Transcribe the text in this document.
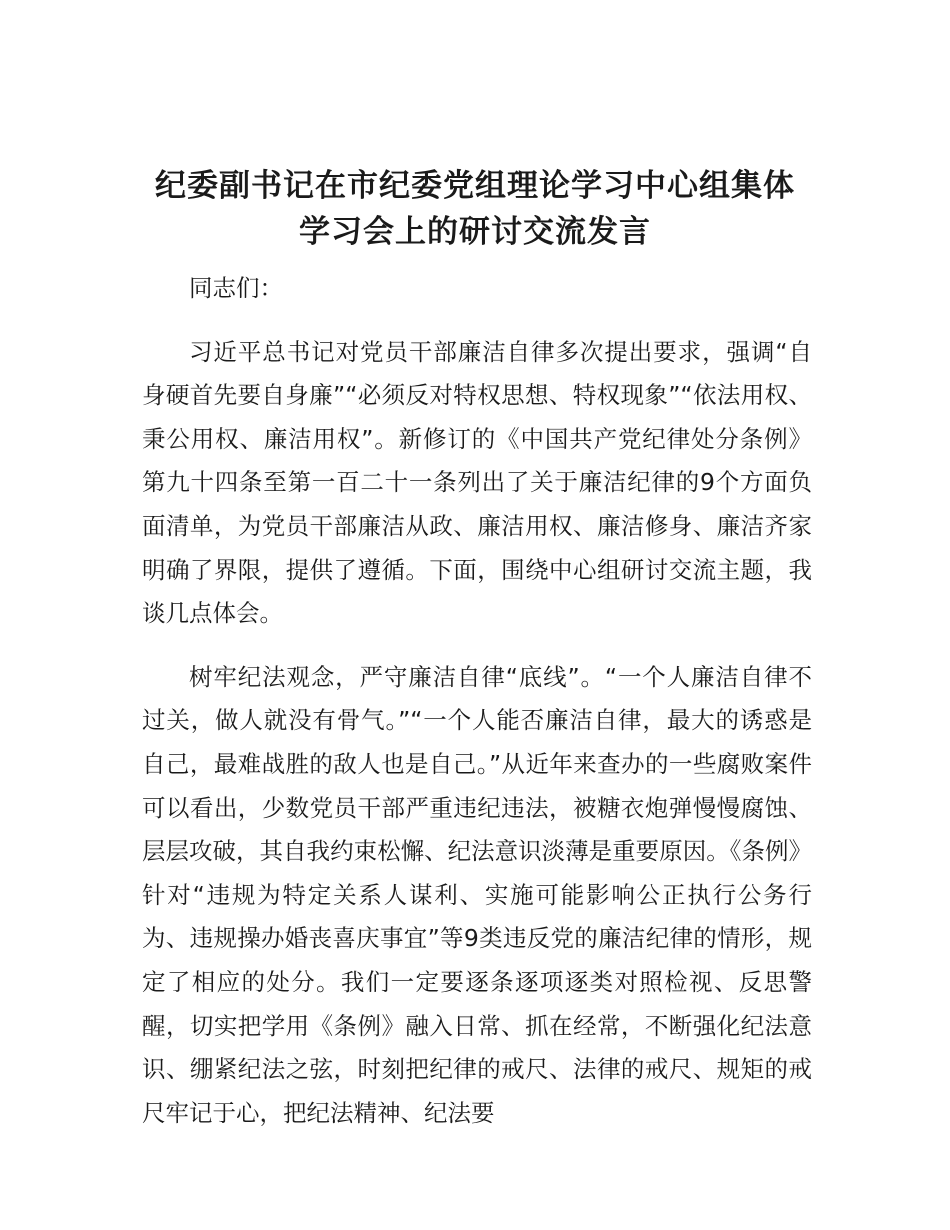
纪委副书记在市纪委党组理论学习中心组集体
学习会上的研讨交流发言

同志们：

习近平总书记对党员干部廉洁自律多次提出要求，强调“自身硬首先要自身廉”“必须反对特权思想、特权现象”“依法用权、秉公用权、廉洁用权”。新修订的《中国共产党纪律处分条例》第九十四条至第一百二十一条列出了关于廉洁纪律的9个方面负面清单，为党员干部廉洁从政、廉洁用权、廉洁修身、廉洁齐家明确了界限，提供了遵循。下面，围绕中心组研讨交流主题，我谈几点体会。

树牢纪法观念，严守廉洁自律“底线”。“一个人廉洁自律不过关，做人就没有骨气。”“一个人能否廉洁自律，最大的诱惑是自己，最难战胜的敌人也是自己。”从近年来查办的一些腐败案件可以看出，少数党员干部严重违纪违法，被糖衣炮弹慢慢腐蚀、层层攻破，其自我约束松懈、纪法意识淡薄是重要原因。《条例》针对“违规为特定关系人谋利、实施可能影响公正执行公务行为、违规操办婚丧喜庆事宜”等9类违反党的廉洁纪律的情形，规定了相应的处分。我们一定要逐条逐项逐类对照检视、反思警醒，切实把学用《条例》融入日常、抓在经常，不断强化纪法意识、绷紧纪法之弦，时刻把纪律的戒尺、法律的戒尺、规矩的戒尺牢记于心，把纪法精神、纪法要
